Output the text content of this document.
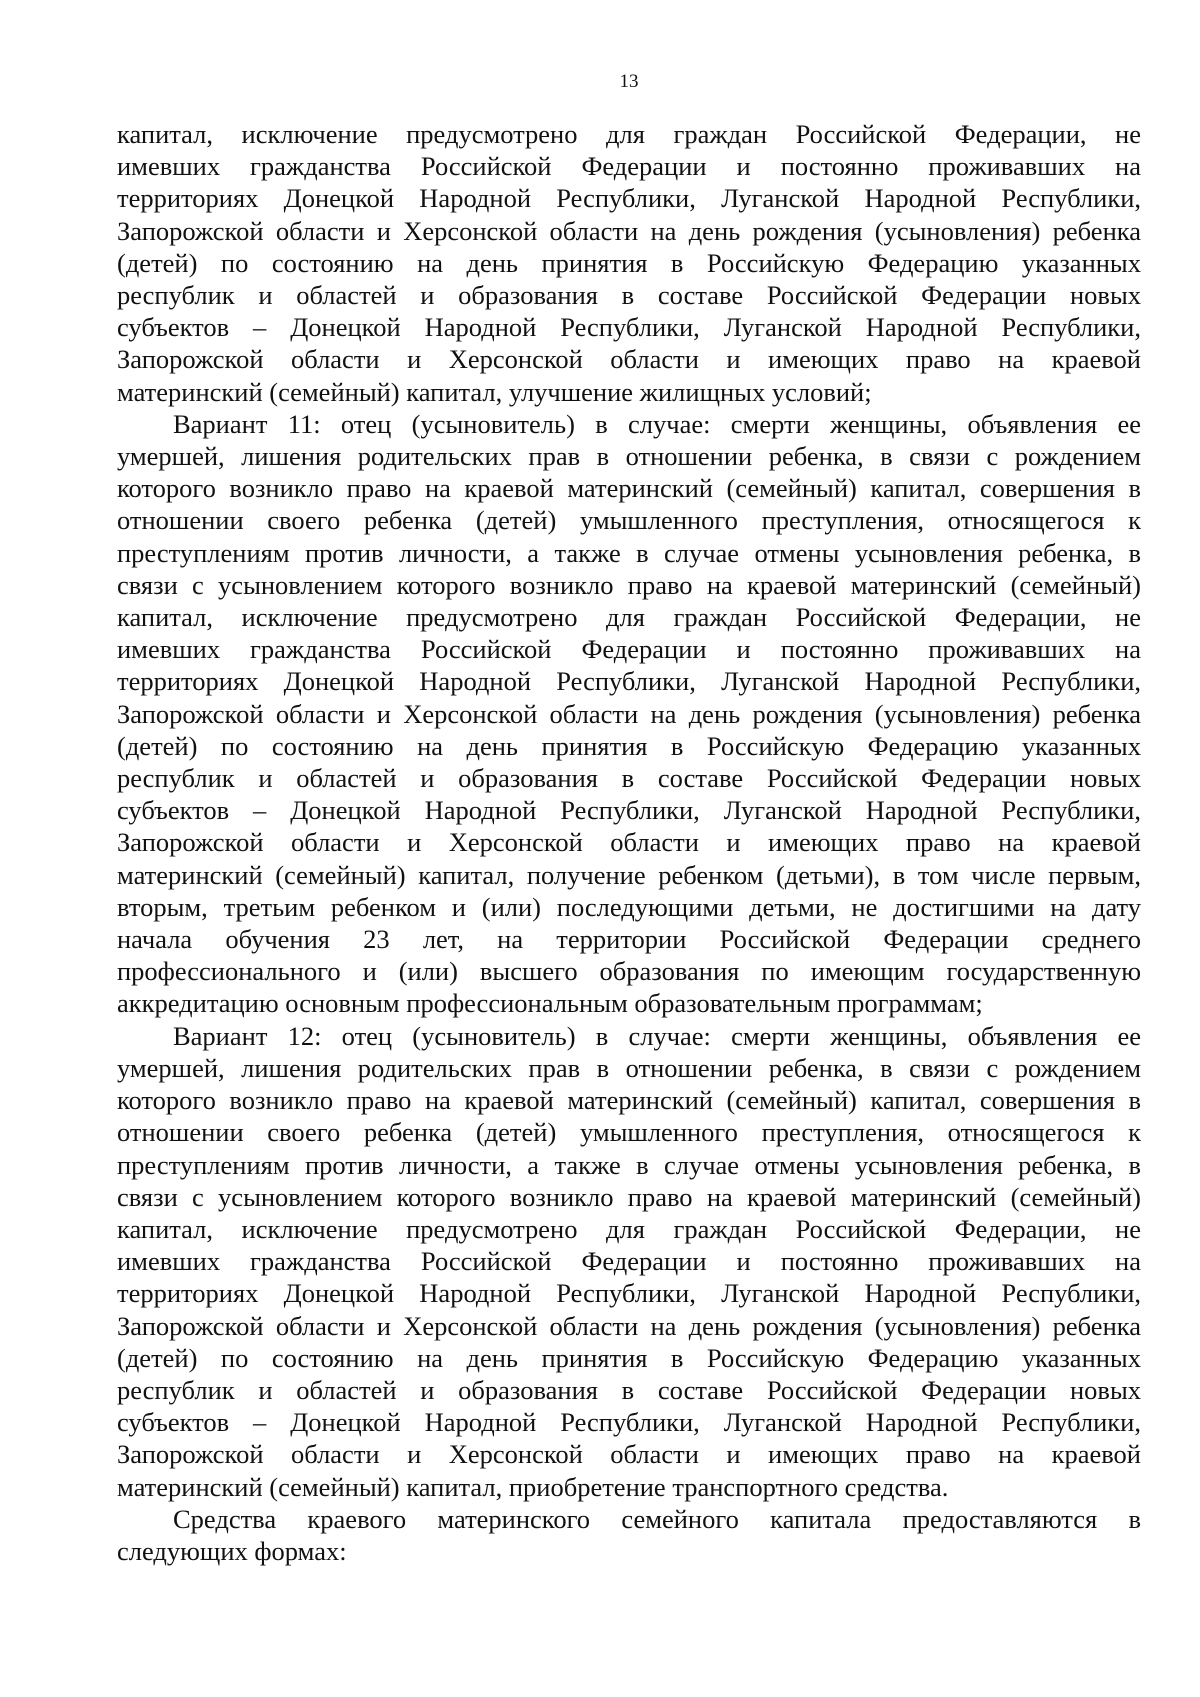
13
капитал, исключение предусмотрено для граждан Российской Федерации, не
имевших гражданства Российской Федерации и постоянно проживавших на
территориях Донецкой Народной Республики, Луганской Народной Республики,
Запорожской области и Херсонской области на день рождения (усыновления) ребенка
(детей) по состоянию на день принятия в Российскую Федерацию указанных
республик и областей и образования в составе Российской Федерации новых
субъектов – Донецкой Народной Республики, Луганской Народной Республики,
Запорожской области и Херсонской области и имеющих право на краевой
материнский (семейный) капитал, улучшение жилищных условий;
Вариант 11: отец (усыновитель) в случае: смерти женщины, объявления ее
умершей, лишения родительских прав в отношении ребенка, в связи с рождением
которого возникло право на краевой материнский (семейный) капитал, совершения в
отношении своего ребенка (детей) умышленного преступления, относящегося к
преступлениям против личности, а также в случае отмены усыновления ребенка, в
связи с усыновлением которого возникло право на краевой материнский (семейный)
капитал, исключение предусмотрено для граждан Российской Федерации, не
имевших гражданства Российской Федерации и постоянно проживавших на
территориях Донецкой Народной Республики, Луганской Народной Республики,
Запорожской области и Херсонской области на день рождения (усыновления) ребенка
(детей) по состоянию на день принятия в Российскую Федерацию указанных
республик и областей и образования в составе Российской Федерации новых
субъектов – Донецкой Народной Республики, Луганской Народной Республики,
Запорожской области и Херсонской области и имеющих право на краевой
материнский (семейный) капитал, получение ребенком (детьми), в том числе первым,
вторым, третьим ребенком и (или) последующими детьми, не достигшими на дату
начала обучения 23 лет, на территории Российской Федерации среднего
профессионального и (или) высшего образования по имеющим государственную
аккредитацию основным профессиональным образовательным программам;
Вариант 12: отец (усыновитель) в случае: смерти женщины, объявления ее
умершей, лишения родительских прав в отношении ребенка, в связи с рождением
которого возникло право на краевой материнский (семейный) капитал, совершения в
отношении своего ребенка (детей) умышленного преступления, относящегося к
преступлениям против личности, а также в случае отмены усыновления ребенка, в
связи с усыновлением которого возникло право на краевой материнский (семейный)
капитал, исключение предусмотрено для граждан Российской Федерации, не
имевших гражданства Российской Федерации и постоянно проживавших на
территориях Донецкой Народной Республики, Луганской Народной Республики,
Запорожской области и Херсонской области на день рождения (усыновления) ребенка
(детей) по состоянию на день принятия в Российскую Федерацию указанных
республик и областей и образования в составе Российской Федерации новых
субъектов – Донецкой Народной Республики, Луганской Народной Республики,
Запорожской области и Херсонской области и имеющих право на краевой
материнский (семейный) капитал, приобретение транспортного средства.
Средства краевого материнского семейного капитала предоставляются в
следующих формах:
